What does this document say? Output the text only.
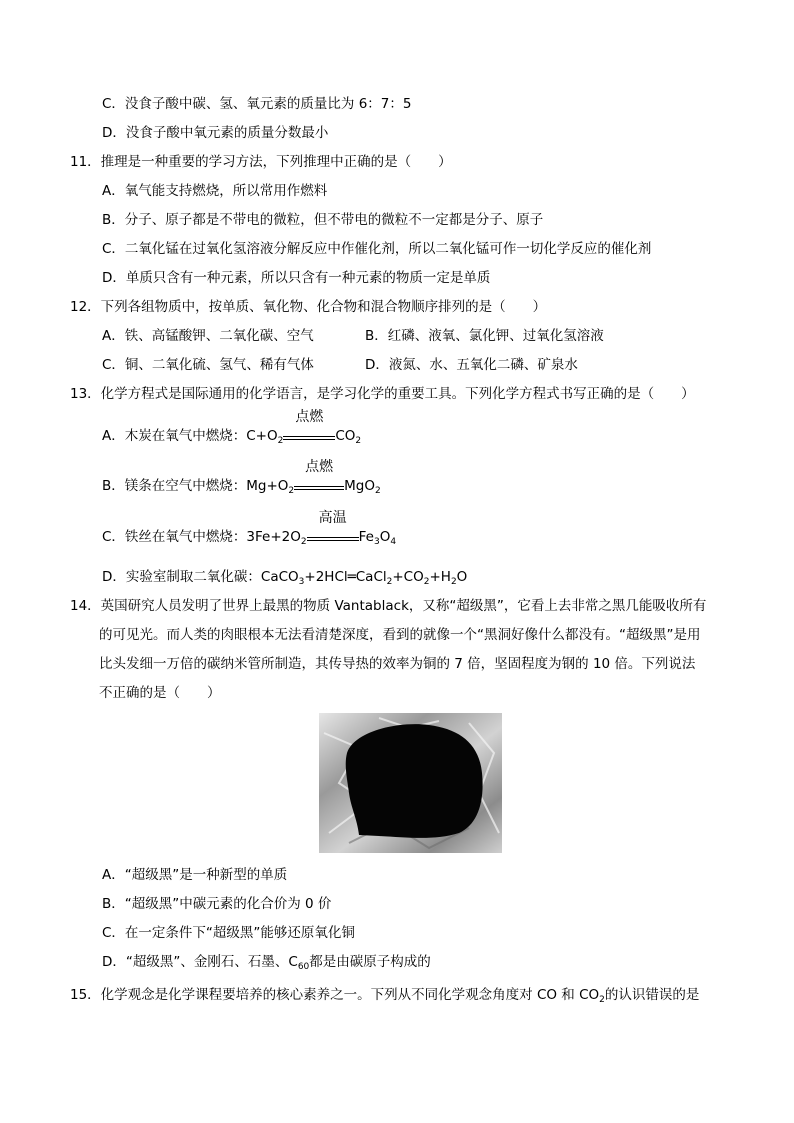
C．没食子酸中碳、氢、氧元素的质量比为 6：7：5
D．没食子酸中氧元素的质量分数最小
11．推理是一种重要的学习方法，下列推理中正确的是（　　）
A．氧气能支持燃烧，所以常用作燃料
B．分子、原子都是不带电的微粒，但不带电的微粒不一定都是分子、原子
C．二氧化锰在过氧化氢溶液分解反应中作催化剂，所以二氧化锰可作一切化学反应的催化剂
D．单质只含有一种元素，所以只含有一种元素的物质一定是单质
12．下列各组物质中，按单质、氧化物、化合物和混合物顺序排列的是（　　）
A．铁、高锰酸钾、二氧化碳、空气	B．红磷、液氧、氯化钾、过氧化氢溶液
C．铜、二氧化硫、氢气、稀有气体	D．液氮、水、五氧化二磷、矿泉水
13．化学方程式是国际通用的化学语言，是学习化学的重要工具。下列化学方程式书写正确的是（　　）
A．木炭在氧气中燃烧：$C+O_2$
点燃
$CO_2$
B．镁条在空气中燃烧：$Mg+O_2$
点燃
MgO$_2$
C．铁丝在氧气中燃烧：$3Fe+2O_2$
高温
$Fe_3O_4$
D．实验室制取二氧化碳：$CaCO_3+2HCl═CaCl_2+CO_2+H_2O$
14．英国研究人员发明了世界上最黑的物质 Vantablack，又称“超级黑”，它看上去非常之黑几能吸收所有
的可见光。而人类的肉眼根本无法看清楚深度，看到的就像一个“黑洞好像什么都没有。“超级黑”是用
比头发细一万倍的碳纳米管所制造，其传导热的效率为铜的 7 倍，坚固程度为钢的 10 倍。下列说法
不正确的是（　　）
A．“超级黑”是一种新型的单质
B．“超级黑”中碳元素的化合价为 0 价
C．在一定条件下“超级黑”能够还原氧化铜
D．“超级黑”、金刚石、石墨、$C_{60}$都是由碳原子构成的
15．化学观念是化学课程要培养的核心素养之一。下列从不同化学观念角度对 CO 和 $CO_2$的认识错误的是
